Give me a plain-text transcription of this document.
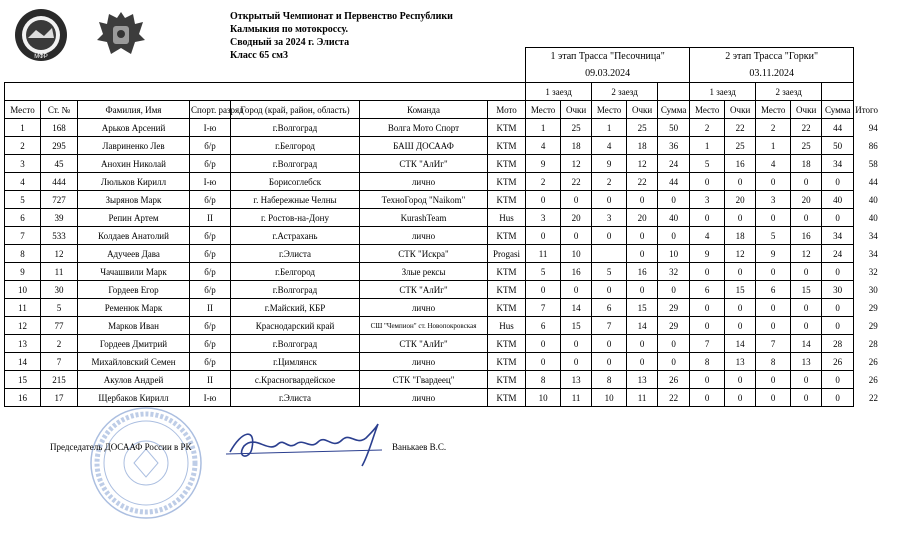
МФР
Открытый Чемпионат и Первенство Республики
Калмыкия по мотокроссу.
Сводный за 2024 г. Элиста
Класс 65 см3
							1 этап Трасса "Песочница"					2 этап Трасса "Горки"					
							09.03.2024					03.11.2024					
							1 заезд		2 заезд			1 заезд		2 заезд			
Место	Ст. №	Фамилия, Имя	Спорт. разряд	Город (край, район, область)	Команда	Мото	Место	Очки	Место	Очки	Сумма	Место	Очки	Место	Очки	Сумма	Итого
1	168	Арьков Арсений	I-ю	г.Волгоград	Волга Мото Спорт	KTM	1	25	1	25	50	2	22	2	22	44	94
2	295	Лавриненко Лев	б/р	г.Белгород	БАШ ДОСААФ	KTM	4	18	4	18	36	1	25	1	25	50	86
3	45	Анохин Николай	б/р	г.Волгоград	СТК "АлИг"	KTM	9	12	9	12	24	5	16	4	18	34	58
4	444	Люльков Кирилл	I-ю	Борисоглебск	лично	KTM	2	22	2	22	44	0	0	0	0	0	44
5	727	Зырянов Марк	б/р	г. Набережные Челны	ТехноГород "Naikom"	KTM	0	0	0	0	0	3	20	3	20	40	40
6	39	Репин Артем	II	г. Ростов-на-Дону	KurashTeam	Hus	3	20	3	20	40	0	0	0	0	0	40
7	533	Колдаев Анатолий	б/р	г.Астрахань	лично	KTM	0	0	0	0	0	4	18	5	16	34	34
8	12	Адучеев Дава	б/р	г.Элиста	СТК "Искра"	Progasi	11	10		0	10	9	12	9	12	24	34
9	11	Чачашвили Марк	б/р	г.Белгород	Злые рексы	KTM	5	16	5	16	32	0	0	0	0	0	32
10	30	Гордеев Егор	б/р	г.Волгоград	СТК "АлИг"	KTM	0	0	0	0	0	6	15	6	15	30	30
11	5	Ременюк Марк	II	г.Майский, КБР	лично	KTM	7	14	6	15	29	0	0	0	0	0	29
12	77	Марков Иван	б/р	Краснодарский край	СШ "Чемпион" ст. Новопокровская	Hus	6	15	7	14	29	0	0	0	0	0	29
13	2	Гордеев Дмитрий	б/р	г.Волгоград	СТК "АлИг"	KTM	0	0	0	0	0	7	14	7	14	28	28
14	7	Михайловский Семен	б/р	г.Цимлянск	лично	KTM	0	0	0	0	0	8	13	8	13	26	26
15	215	Акулов Андрей	II	с.Красногвардейское	СТК "Гвардеец"	KTM	8	13	8	13	26	0	0	0	0	0	26
16	17	Щербаков Кирилл	I-ю	г.Элиста	лично	KTM	10	11	10	11	22	0	0	0	0	0	22
Председатель ДОСААФ России в РК	Ванькаев В.С.
